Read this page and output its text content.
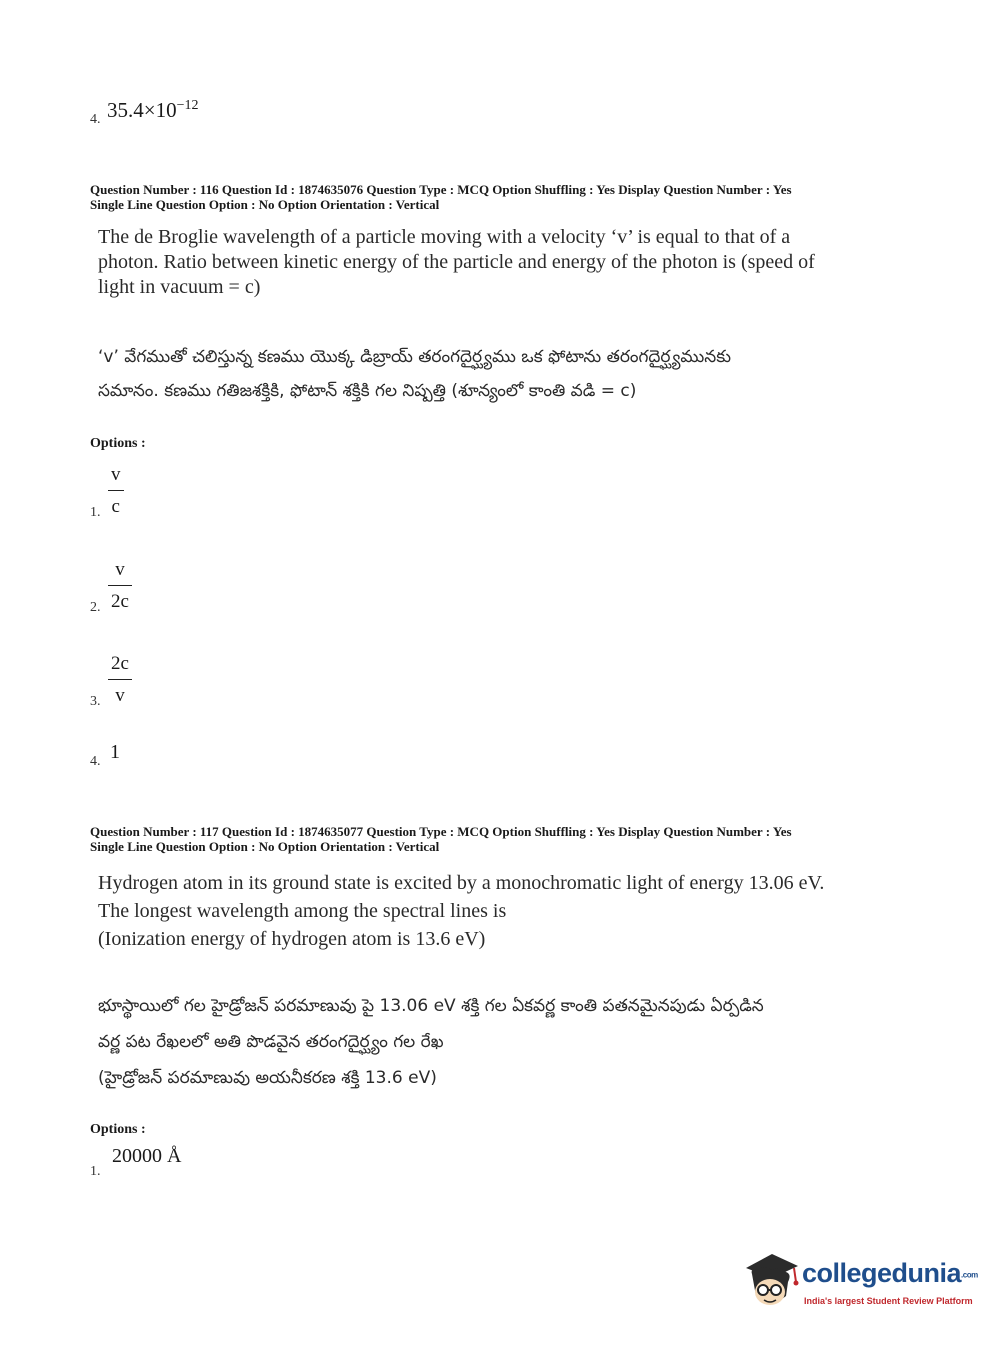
4. $35.4\times 10^{-12}$
Question Number : 116 Question Id : 1874635076 Question Type : MCQ Option Shuffling : Yes Display Question Number : Yes
Single Line Question Option : No Option Orientation : Vertical
The de Broglie wavelength of a particle moving with a velocity ‘v’ is equal to that of a
photon. Ratio between kinetic energy of the particle and energy of the photon is (speed of
light in vacuum = c)
‘v’ వేగముతో చలిస్తున్న కణము యొక్క డిబ్రాయ్ తరంగదైర్ఘ్యము ఒక ఫోటాను తరంగదైర్ఘ్యమునకు
సమానం. కణము గతిజశక్తికి, ఫోటాన్ శక్తికి గల నిష్పత్తి (శూన్యంలో కాంతి వడి = c)
Options :
1.
v
c
2.
v
2c
3.
2c
v
4. 1
Question Number : 117 Question Id : 1874635077 Question Type : MCQ Option Shuffling : Yes Display Question Number : Yes
Single Line Question Option : No Option Orientation : Vertical
Hydrogen atom in its ground state is excited by a monochromatic light of energy 13.06 eV.
The longest wavelength among the spectral lines is
(Ionization energy of hydrogen atom is 13.6 eV)
భూస్థాయిలో గల హైడ్రోజన్ పరమాణువు పై 13.06 eV శక్తి గల ఏకవర్ణ కాంతి పతనమైనపుడు ఏర్పడిన
వర్ణ పట రేఖలలో అతి పొడవైన తరంగదైర్ఘ్యం గల రేఖ
(హైడ్రోజన్ పరమాణువు అయనీకరణ శక్తి 13.6 eV)
Options :
1.
20000 Å
collegedunia.com
India's largest Student Review Platform
